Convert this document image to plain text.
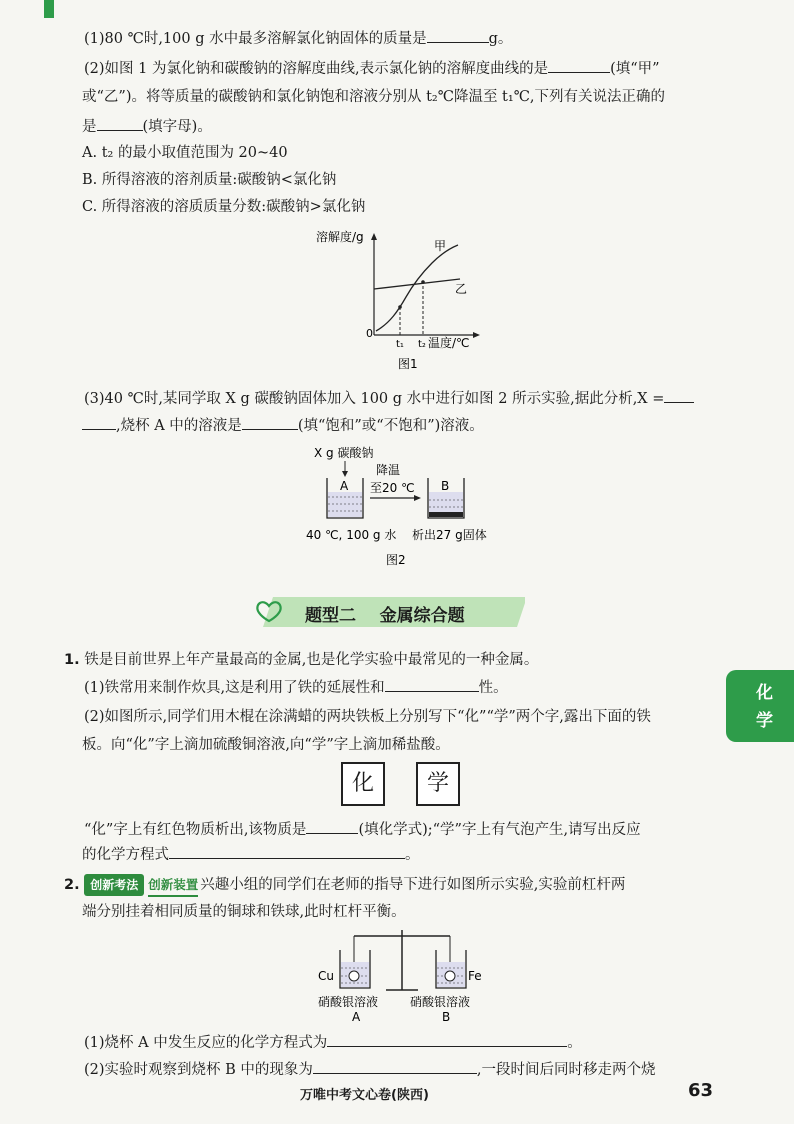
(1)80 ℃时,100 g 水中最多溶解氯化钠固体的质量是	g。
(2)如图 1 为氯化钠和碳酸钠的溶解度曲线,表示氯化钠的溶解度曲线的是	(填“甲”
或“乙”)。将等质量的碳酸钠和氯化钠饱和溶液分别从 t₂℃降温至 t₁℃,下列有关说法正确的
是	(填字母)。
A. t₂ 的最小取值范围为 20~40
B. 所得溶液的溶剂质量:碳酸钠<氯化钠
C. 所得溶液的溶质质量分数:碳酸钠>氯化钠
溶解度/g
甲
乙
0
t₁ t₂ 温度/℃
图1
(3)40 ℃时,某同学取 X g 碳酸钠固体加入 100 g 水中进行如图 2 所示实验,据此分析,X =
,烧杯 A 中的溶液是	(填“饱和”或“不饱和”)溶液。
X g 碳酸钠
A
降温
至20 ℃ B
40 ℃, 100 g 水 析出27 g固体
图2
题型二    金属综合题
化
学
1. 铁是目前世界上年产量最高的金属,也是化学实验中最常见的一种金属。
(1)铁常用来制作炊具,这是利用了铁的延展性和	性。
(2)如图所示,同学们用木棍在涂满蜡的两块铁板上分别写下“化”“学”两个字,露出下面的铁
板。向“化”字上滴加硫酸铜溶液,向“学”字上滴加稀盐酸。
化	学
“化”字上有红色物质析出,该物质是	(填化学式);“学”字上有气泡产生,请写出反应
的化学方程式	。
2. 创新考法 创新装置 兴趣小组的同学们在老师的指导下进行如图所示实验,实验前杠杆两
端分别挂着相同质量的铜球和铁球,此时杠杆平衡。
Cu	Fe
硝酸银溶液	硝酸银溶液
A	B
(1)烧杯 A 中发生反应的化学方程式为	。
(2)实验时观察到烧杯 B 中的现象为	,一段时间后同时移走两个烧
万唯中考文心卷(陕西)	63
